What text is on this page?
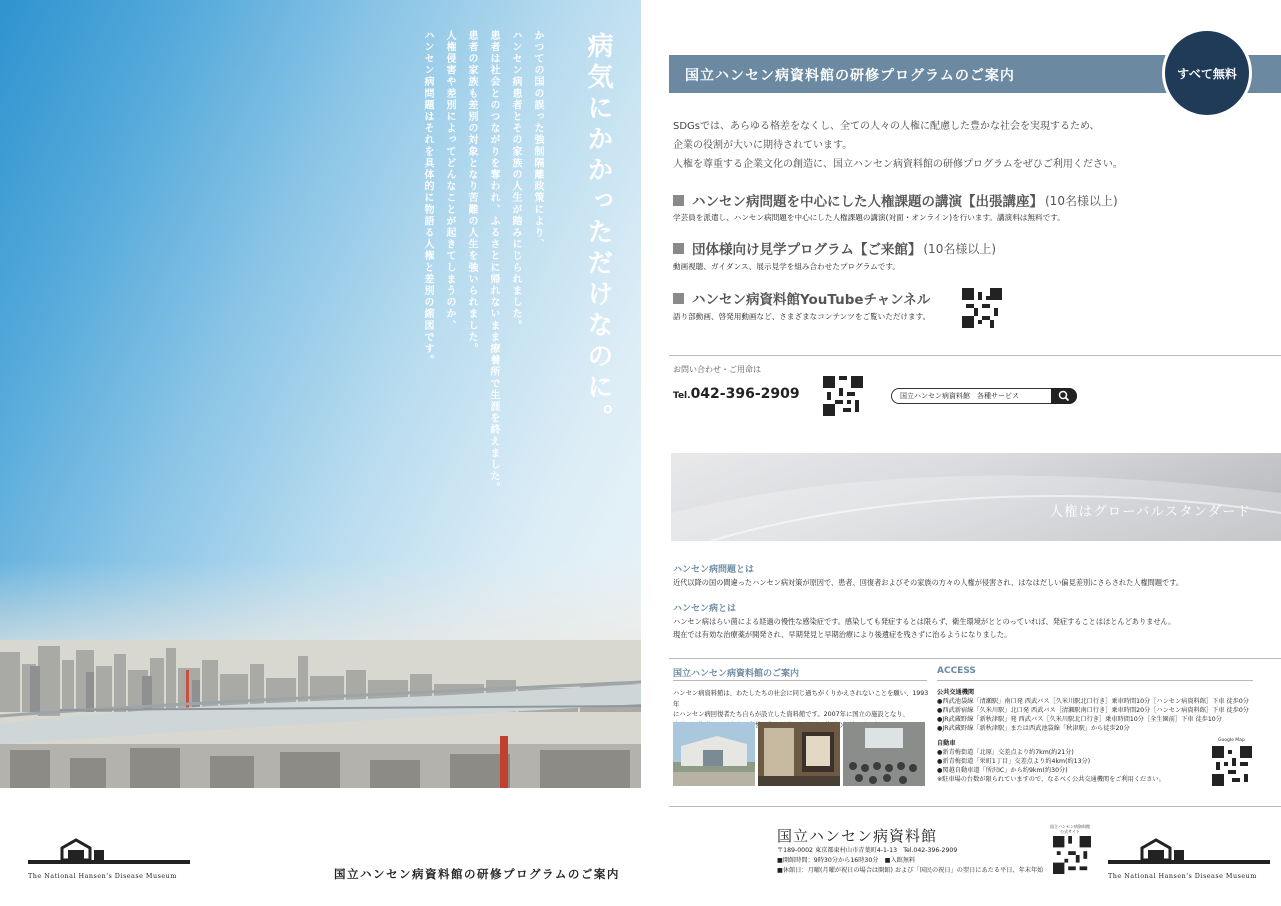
病気にかかっただけなのに。
かつての国の誤った強制隔離政策により、
ハンセン病患者とその家族の人生が踏みにじられました。
患者は社会とのつながりを奪われ、ふるさとに帰れないまま療養所で生涯を終えました。
患者の家族も差別の対象となり苦難の人生を強いられました。
人権侵害や差別によってどんなことが起きてしまうのか、
ハンセン病問題はそれを具体的に物語る人権と差別の縮図です。
The National Hansen's Disease Museum	国立ハンセン病資料館の研修プログラムのご案内
国立ハンセン病資料館の研修プログラムのご案内	すべて無料

SDGsでは、あらゆる格差をなくし、全ての人々の人権に配慮した豊かな社会を実現するため、

企業の役割が大いに期待されています。

人権を尊重する企業文化の創造に、国立ハンセン病資料館の研修プログラムをぜひご利用ください。

ハンセン病問題を中心にした人権課題の講演【出張講座】 (10名様以上)
学芸員を派遣し、ハンセン病問題を中心にした人権課題の講演(対面・オンライン)を行います。講演料は無料です。
団体様向け見学プログラム【ご来館】 (10名様以上)
動画視聴、ガイダンス、展示見学を組み合わせたプログラムです。
ハンセン病資料館YouTubeチャンネル
語り部動画、啓発用動画など、さまざまなコンテンツをご覧いただけます。
お問い合わせ・ご用命は
Tel.042-396-2909	国立ハンセン病資料館　各種サービス
人権はグローバルスタンダード
ハンセン病問題とは

近代以降の国の間違ったハンセン病対策が原因で、患者、回復者およびその家族の方々の人権が侵害され、はなはだしい偏見差別にさらされた人権問題です。

ハンセン病とは

ハンセン病はらい菌による経過の慢性な感染症です。感染しても発症するとは限らず、衛生環境がととのっていれば、発症することはほとんどありません。

現在では有効な治療薬が開発され、早期発見と早期治療により後遺症を残さずに治るようになりました。

国立ハンセン病資料館のご案内

ハンセン病資料館は、わたしたちの社会に同じ過ちがくりかえされないことを願い、1993年

にハンセン病回復者たち自らが設立した資料館です。2007年に国立の施設となり、

ACCESS

公共交通機関

●西武池袋線「清瀬駅」南口発 西武バス［久米川駅北口行き］乗車時間10分［ハンセン病資料館］下車 徒歩0分

●西武新宿線「久米川駅」北口発 西武バス［清瀬駅南口行き］乗車時間20分［ハンセン病資料館］下車 徒歩0分

●JR武蔵野線「新秋津駅」発 西武バス［久米川駅北口行き］乗車時間10分［全生園前］下車 徒歩10分

●JR武蔵野線「新秋津駅」または西武池袋線「秋津駅」から徒歩20分

自動車

●新青梅街道「北原」交差点より約7km(約21分)

●新青梅街道「栄町1丁目」交差点より約4km(約13分)

●関越自動車道「所沢IC」から約9km(約30分)

※駐車場の台数が限られていますので、なるべく公共交通機関をご利用ください。

Google Map
国立ハンセン病資料館

〒189-0002 東京都東村山市青葉町4-1-13　Tel.042-396-2909

■開館時間：9時30分から16時30分　■入館無料

■休館日：月曜(月曜が祝日の場合は開館) および「国民の祝日」の翌日にあたる平日、年末年始

国立ハンセン病資料館 公式サイト
The National Hansen's Disease Museum
